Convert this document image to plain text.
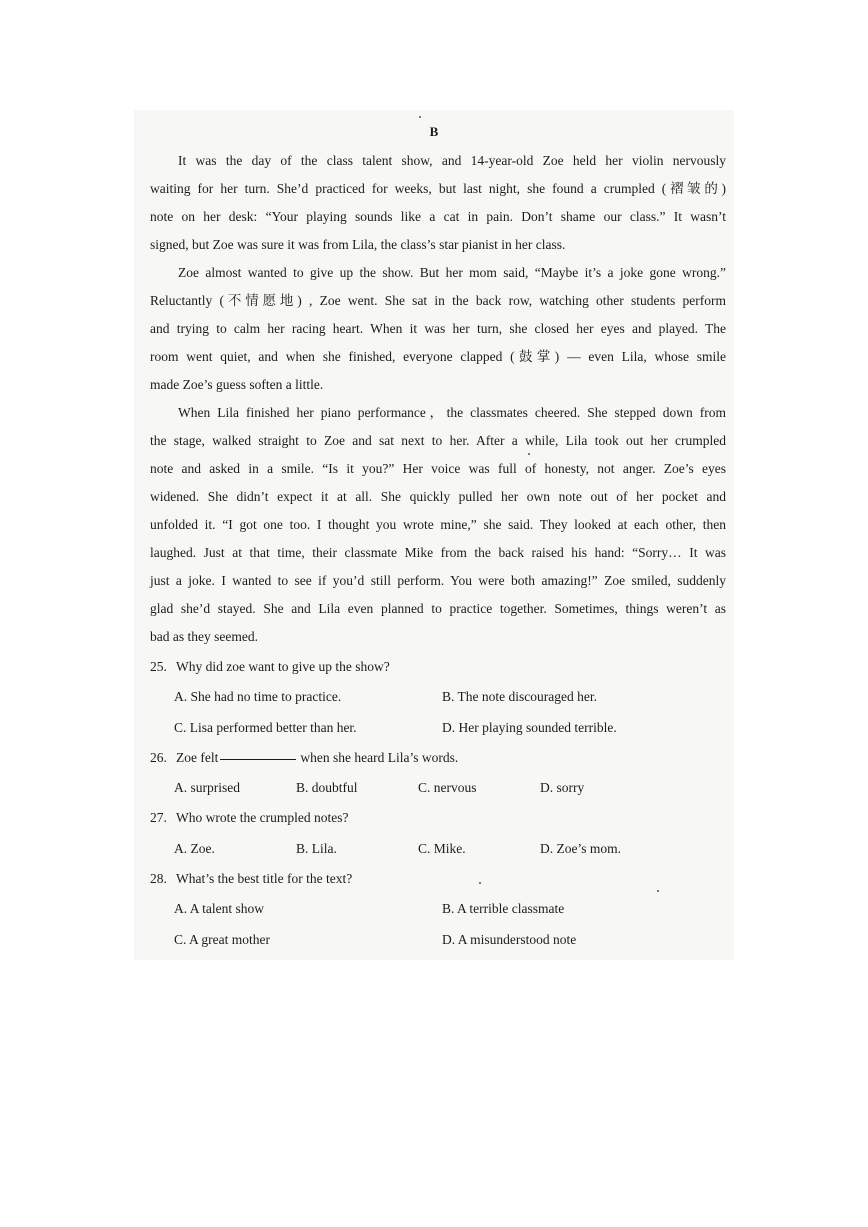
B
It was the day of the class talent show, and 14-year-old Zoe held her violin nervously
waiting for her turn. She’d practiced for weeks, but last night, she found a crumpled (褶皱的)
note on her desk: “Your playing sounds like a cat in pain. Don’t shame our class.” It wasn’t
signed, but Zoe was sure it was from Lila, the class’s star pianist in her class.
Zoe almost wanted to give up the show. But her mom said, “Maybe it’s a joke gone wrong.”
Reluctantly (不情愿地) , Zoe went. She sat in the back row, watching other students perform
and trying to calm her racing heart. When it was her turn, she closed her eyes and played. The
room went quiet, and when she finished, everyone clapped (鼓掌) — even Lila, whose smile
made Zoe’s guess soften a little.
When Lila finished her piano performance，the classmates cheered. She stepped down from
the stage, walked straight to Zoe and sat next to her. After a while, Lila took out her crumpled
note and asked in a smile. “Is it you?” Her voice was full of honesty, not anger. Zoe’s eyes
widened. She didn’t expect it at all. She quickly pulled her own note out of her pocket and
unfolded it. “I got one too. I thought you wrote mine,” she said. They looked at each other, then
laughed. Just at that time, their classmate Mike from the back raised his hand: “Sorry… It was
just a joke. I wanted to see if you’d still perform. You were both amazing!” Zoe smiled, suddenly
glad she’d stayed. She and Lila even planned to practice together. Sometimes, things weren’t as
bad as they seemed.
25. Why did zoe want to give up the show?
A. She had no time to practice.	B. The note discouraged her.
C. Lisa performed better than her.	D. Her playing sounded terrible.
26. Zoe felt	when she heard Lila’s words.
A. surprised	B. doubtful	C. nervous	D. sorry
27. Who wrote the crumpled notes?
A. Zoe.	B. Lila.	C. Mike.	D. Zoe’s mom.
28. What’s the best title for the text?
A. A talent show	B. A terrible classmate
C. A great mother	D. A misunderstood note
